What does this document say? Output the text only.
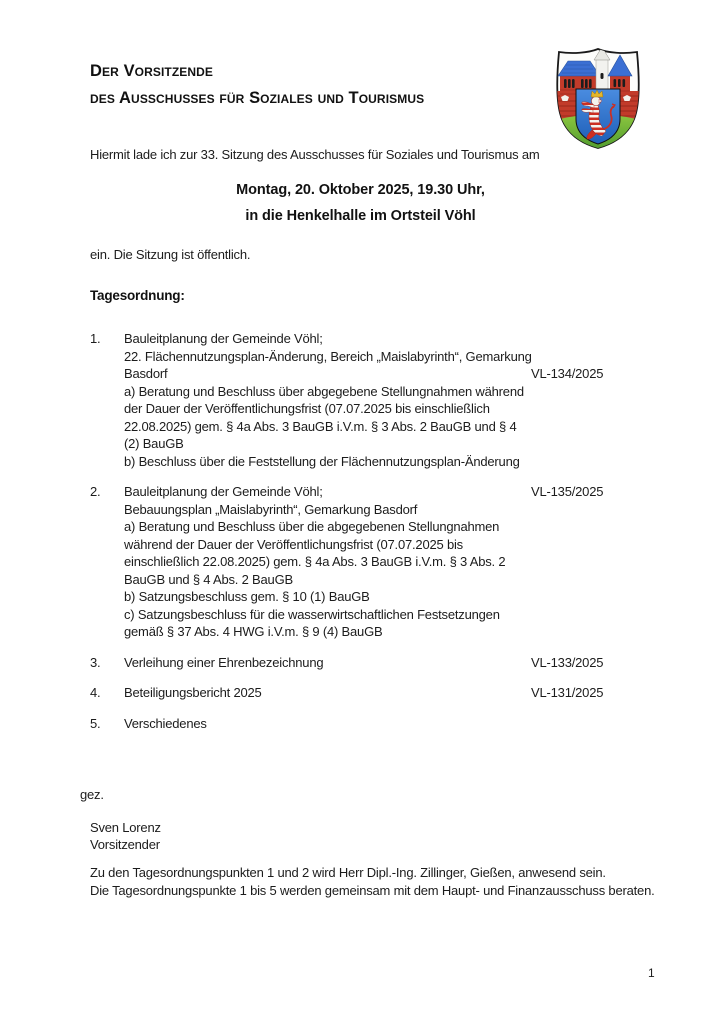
Der Vorsitzende
des Ausschusses für Soziales und Tourismus
Hiermit lade ich zur 33. Sitzung des Ausschusses für Soziales und Tourismus am
Montag, 20. Oktober 2025, 19.30 Uhr,
in die Henkelhalle im Ortsteil Vöhl
ein. Die Sitzung ist öffentlich.
Tagesordnung:
1.	Bauleitplanung der Gemeinde Vöhl;
22. Flächennutzungsplan-Änderung, Bereich „Maislabyrinth“, Gemarkung
Basdorf
a) Beratung und Beschluss über abgegebene Stellungnahmen während
der Dauer der Veröffentlichungsfrist (07.07.2025 bis einschließlich
22.08.2025) gem. § 4a Abs. 3 BauGB i.V.m. § 3 Abs. 2 BauGB und § 4
(2) BauGB
b) Beschluss über die Feststellung der Flächennutzungsplan-Änderung
VL-134/2025
2.	Bauleitplanung der Gemeinde Vöhl;
Bebauungsplan „Maislabyrinth“, Gemarkung Basdorf
a) Beratung und Beschluss über die abgegebenen Stellungnahmen
während der Dauer der Veröffentlichungsfrist (07.07.2025 bis
einschließlich 22.08.2025) gem. § 4a Abs. 3 BauGB i.V.m. § 3 Abs. 2
BauGB und § 4 Abs. 2 BauGB
b) Satzungsbeschluss gem. § 10 (1) BauGB
c) Satzungsbeschluss für die wasserwirtschaftlichen Festsetzungen
gemäß § 37 Abs. 4 HWG i.V.m. § 9 (4) BauGB
VL-135/2025
3.	Verleihung einer Ehrenbezeichnung	VL-133/2025
4.	Beteiligungsbericht 2025	VL-131/2025
5.	Verschiedenes
gez.
Sven Lorenz
Vorsitzender
Zu den Tagesordnungspunkten 1 und 2 wird Herr Dipl.-Ing. Zillinger, Gießen, anwesend sein.
Die Tagesordnungspunkte 1 bis 5 werden gemeinsam mit dem Haupt- und Finanzausschuss beraten.
1
